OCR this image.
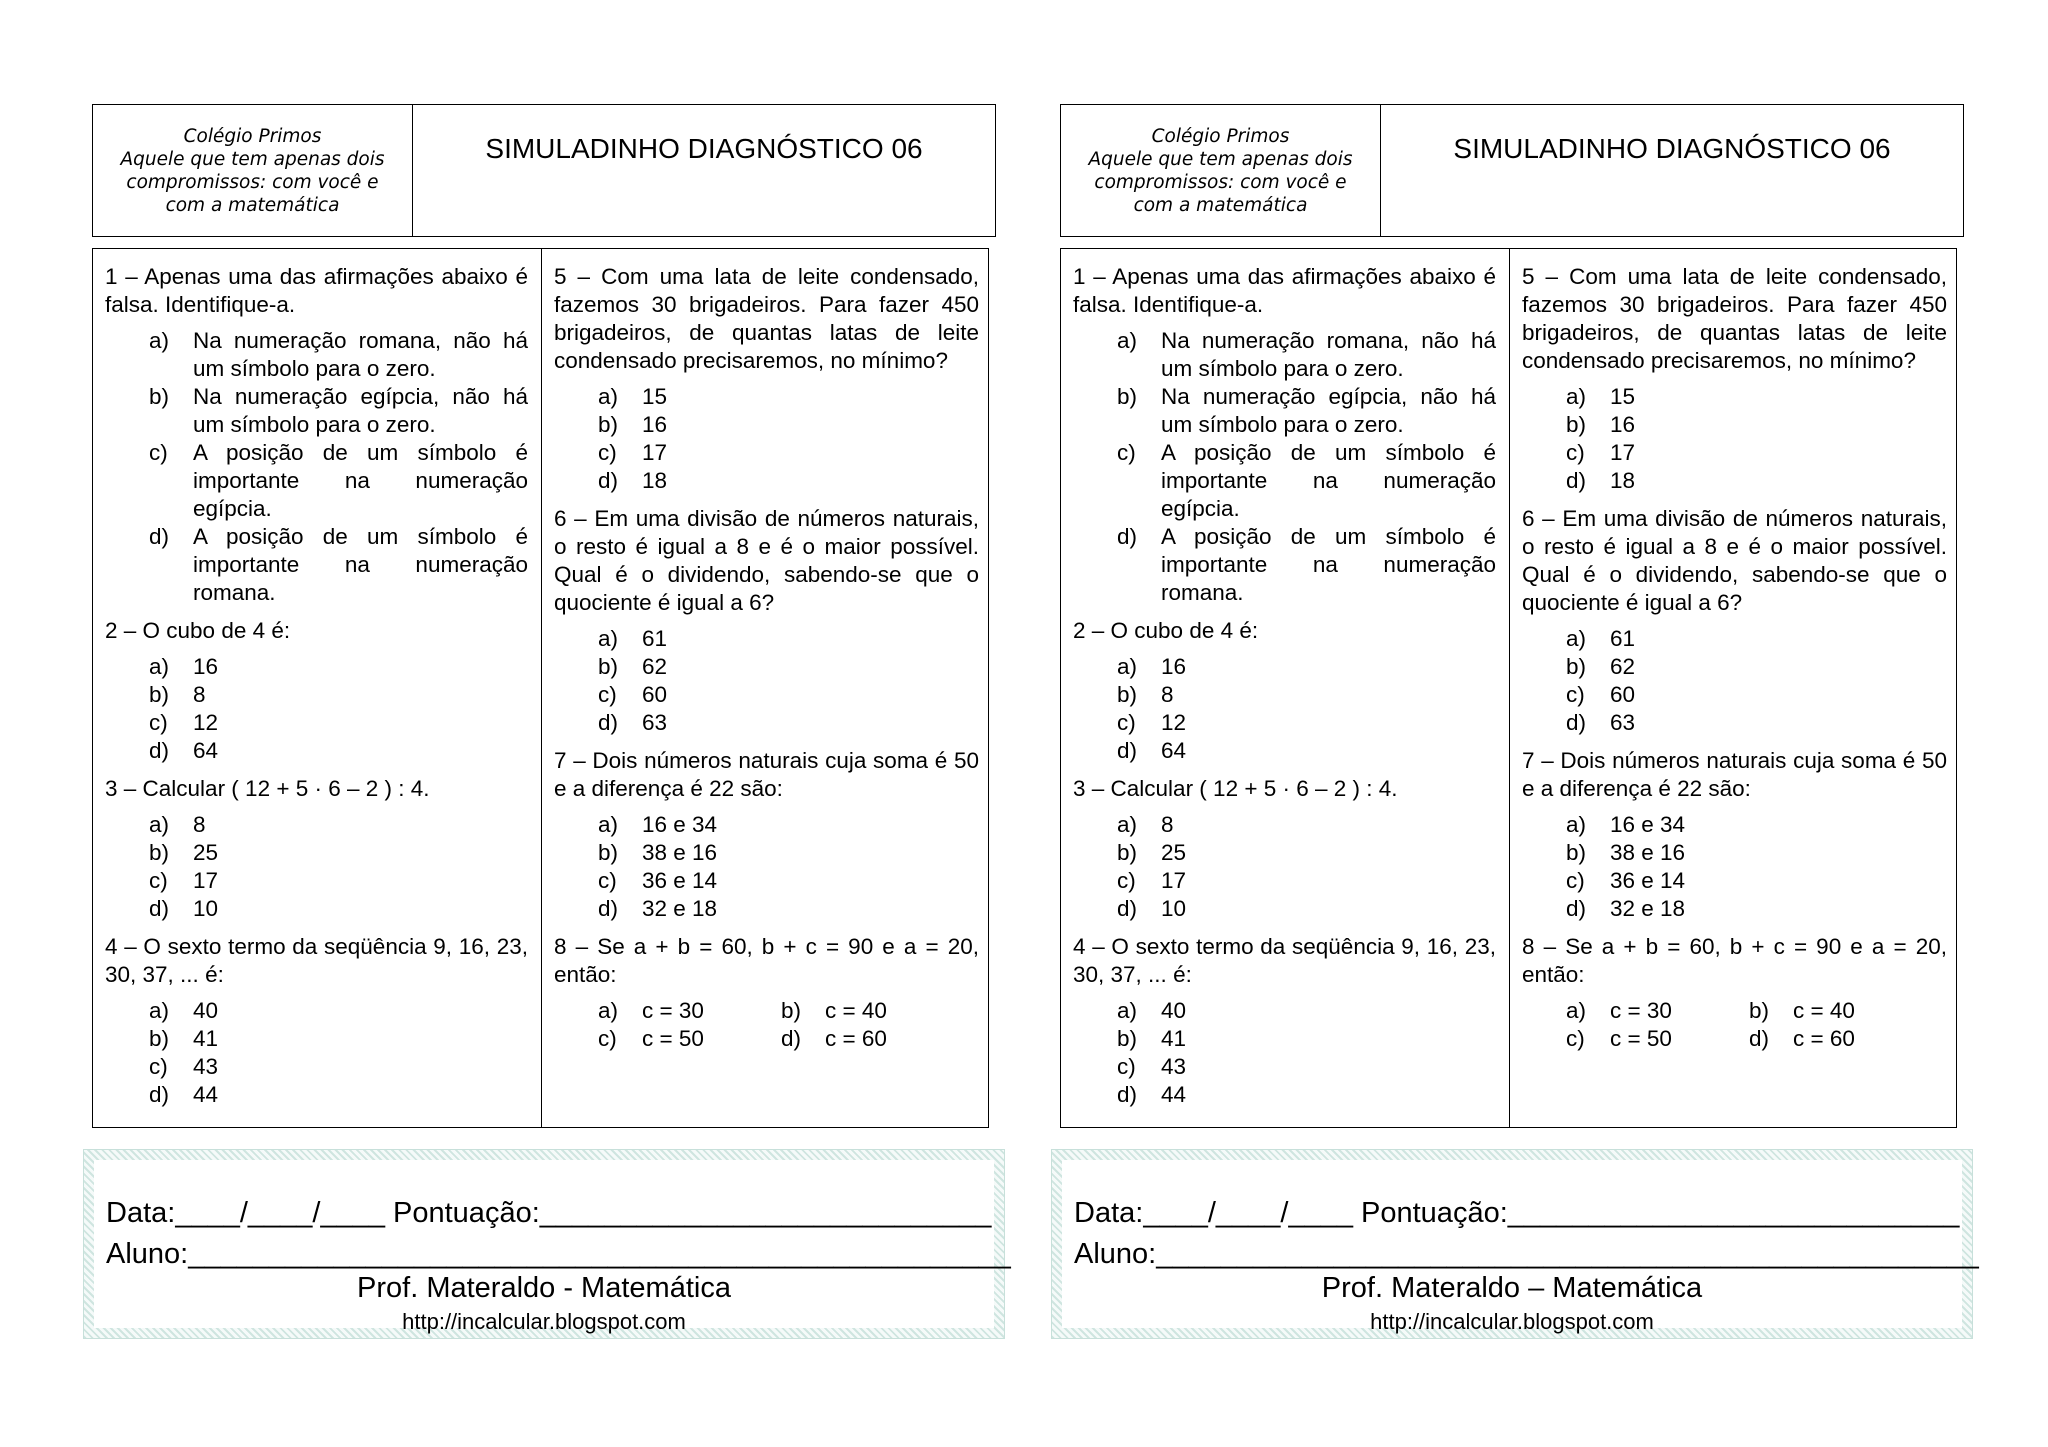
Colégio Primos
Aquele que tem apenas dois
compromissos: com você e
com a matemática
SIMULADINHO DIAGNÓSTICO 06

1 – Apenas uma das afirmações abaixo é falsa. Identifique-a.

a)	Na numeração romana, não há um símbolo para o zero.
b)	Na numeração egípcia, não há um símbolo para o zero.
c)	A posição de um símbolo é importante na numeração egípcia.
d)	A posição de um símbolo é importante na numeração romana.

2 – O cubo de 4 é:

a)	16
b)	8
c)	12
d)	64

3 – Calcular ( 12 + 5 · 6 – 2 ) : 4.

a)	8
b)	25
c)	17
d)	10

4 – O sexto termo da seqüência 9, 16, 23, 30, 37, ... é:

a)	40
b)	41
c)	43
d)	44

5 – Com uma lata de leite condensado, fazemos 30 brigadeiros. Para fazer 450 brigadeiros, de quantas latas de leite condensado precisaremos, no mínimo?

a)	15
b)	16
c)	17
d)	18

6 – Em uma divisão de números naturais, o resto é igual a 8 e é o maior possível. Qual é o dividendo, sabendo-se que o quociente é igual a 6?

a)	61
b)	62
c)	60
d)	63

7 – Dois números naturais cuja soma é 50 e a diferença é 22 são:

a)	16 e 34
b)	38 e 16
c)	36 e 14
d)	32 e 18

8 – Se a + b = 60, b + c = 90 e a = 20, então:

a)	c = 30	b)	c = 40
c)	c = 50	d)	c = 60
Data:____/____/____ Pontuação:____________________________
Aluno:___________________________________________________
Prof. Materaldo - Matemática
http://incalcular.blogspot.com
Colégio Primos
Aquele que tem apenas dois
compromissos: com você e
com a matemática
SIMULADINHO DIAGNÓSTICO 06

1 – Apenas uma das afirmações abaixo é falsa. Identifique-a.

a)	Na numeração romana, não há um símbolo para o zero.
b)	Na numeração egípcia, não há um símbolo para o zero.
c)	A posição de um símbolo é importante na numeração egípcia.
d)	A posição de um símbolo é importante na numeração romana.

2 – O cubo de 4 é:

a)	16
b)	8
c)	12
d)	64

3 – Calcular ( 12 + 5 · 6 – 2 ) : 4.

a)	8
b)	25
c)	17
d)	10

4 – O sexto termo da seqüência 9, 16, 23, 30, 37, ... é:

a)	40
b)	41
c)	43
d)	44

5 – Com uma lata de leite condensado, fazemos 30 brigadeiros. Para fazer 450 brigadeiros, de quantas latas de leite condensado precisaremos, no mínimo?

a)	15
b)	16
c)	17
d)	18

6 – Em uma divisão de números naturais, o resto é igual a 8 e é o maior possível. Qual é o dividendo, sabendo-se que o quociente é igual a 6?

a)	61
b)	62
c)	60
d)	63

7 – Dois números naturais cuja soma é 50 e a diferença é 22 são:

a)	16 e 34
b)	38 e 16
c)	36 e 14
d)	32 e 18

8 – Se a + b = 60, b + c = 90 e a = 20, então:

a)	c = 30	b)	c = 40
c)	c = 50	d)	c = 60
Data:____/____/____ Pontuação:____________________________
Aluno:___________________________________________________
Prof. Materaldo – Matemática
http://incalcular.blogspot.com
